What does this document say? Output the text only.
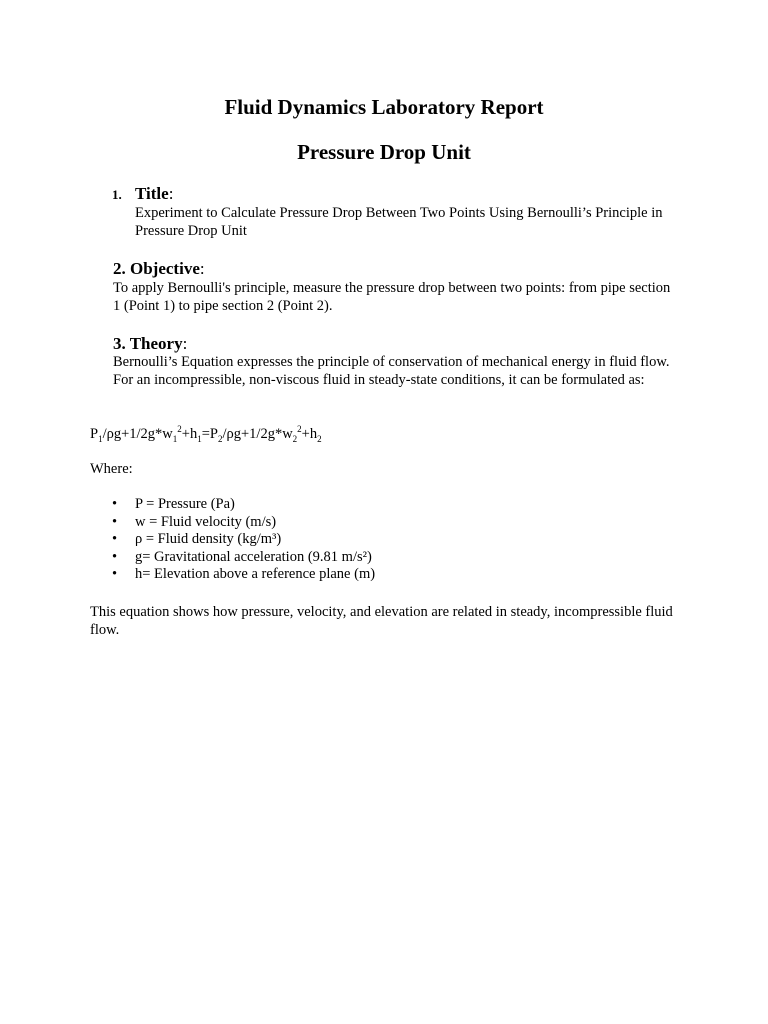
Fluid Dynamics Laboratory Report
Pressure Drop Unit
1. Title:
Experiment to Calculate Pressure Drop Between Two Points Using Bernoulli’s Principle in Pressure Drop Unit
2. Objective:
To apply Bernoulli's principle, measure the pressure drop between two points: from pipe section 1 (Point 1) to pipe section 2 (Point 2).
3. Theory:
Bernoulli’s Equation expresses the principle of conservation of mechanical energy in fluid flow. For an incompressible, non-viscous fluid in steady-state conditions, it can be formulated as:
$P_1/\rho g+1/2g*w_1^2+h_1=P_2/\rho g+1/2g*w_2^2+h_2$
Where:
• P = Pressure (Pa)
• w = Fluid velocity (m/s)
• ρ = Fluid density (kg/m³)
• g= Gravitational acceleration (9.81 m/s²)
• h= Elevation above a reference plane (m)
This equation shows how pressure, velocity, and elevation are related in steady, incompressible fluid flow.
